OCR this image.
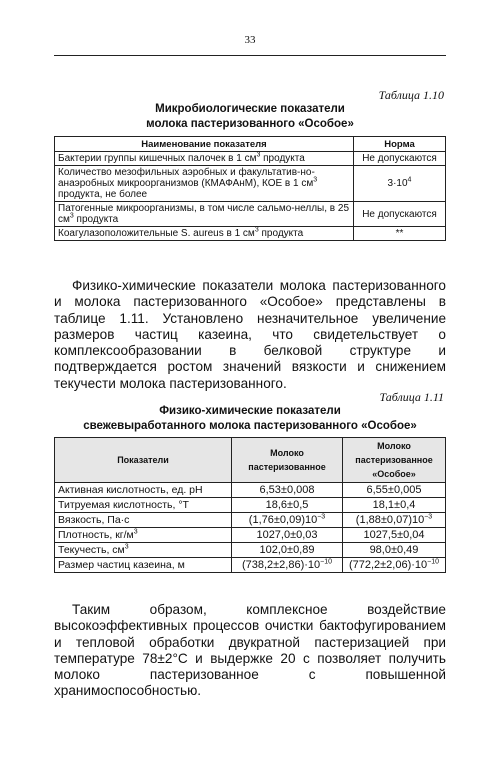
33
Таблица 1.10
Микробиологические показатели
молока пастеризованного «Особое»
Наименование показателя	Норма
Бактерии группы кишечных палочек в 1 $см^3$ продукта	Не допускаются
Количество мезофильных аэробных и факультатив-но-анаэробных микроорганизмов (КМАФАнМ), КОЕ в 1 $см^3$ продукта, не более	$3\cdot 10^4$
Патогенные микроорганизмы, в том числе сальмо-неллы, в 25 $см^3$ продукта	Не допускаются
Коагулазоположительные S. aureus в 1 $см^3$ продукта	**
Физико-химические показатели молока пастеризованного и молока пастеризованного «Особое» представлены в таблице 1.11. Установлено незначительное увеличение размеров частиц казеина, что свидетельствует о комплексообразовании в белковой структуре и подтверждается ростом значений вязкости и снижением текучести молока пастеризованного.
Таблица 1.11
Физико-химические показатели
свежевыработанного молока пастеризованного «Особое»
Показатели	Молоко пастеризованное	Молоко пастеризованное «Особое»
Активная кислотность, ед. pH	6,53±0,008	6,55±0,005
Титруемая кислотность, °Т	18,6±0,5	18,1±0,4
Вязкость, Па·с	$(1,76\pm 0,09)10^{-3}$	$(1,88\pm 0,07)10^{-3}$
Плотность, $кг/м^3$	1027,0±0,03	1027,5±0,04
Текучесть, $см^3$	102,0±0,89	98,0±0,49
Размер частиц казеина, м	$(738,2\pm 2,86)\cdot 10^{-10}$	$(772,2\pm 2,06)\cdot 10^{-10}$
Таким образом, комплексное воздействие высокоэффективных процессов очистки бактофугированием и тепловой обработки двукратной пастеризацией при температуре 78±2°С и выдержке 20 с позволяет получить молоко пастеризованное с повышенной хранимоспособностью.
